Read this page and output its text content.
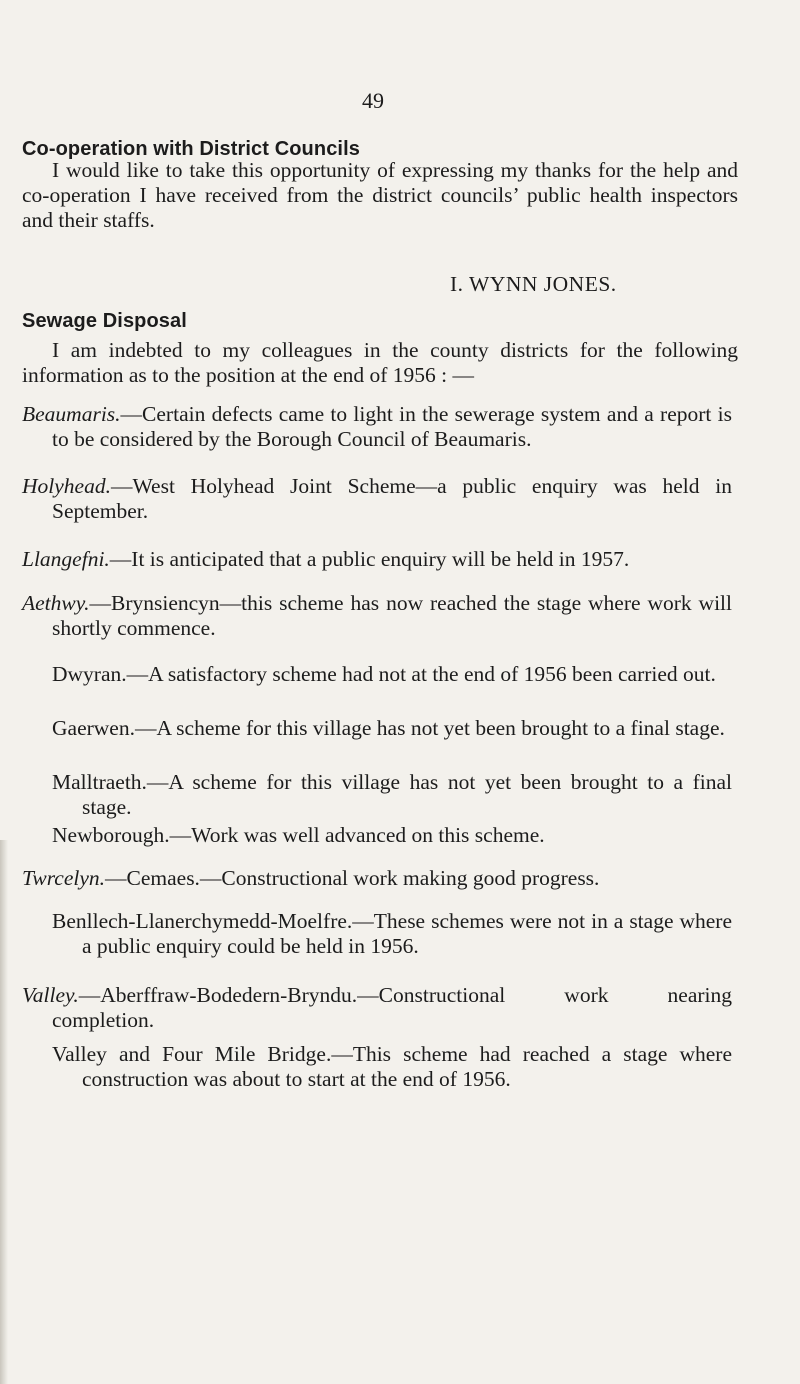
49
Co-operation with District Councils
I would like to take this opportunity of expressing my thanks for the help and co-operation I have received from the district councils’ public health inspectors and their staffs.
I. WYNN JONES.
Sewage Disposal
I am indebted to my colleagues in the county districts for the following information as to the position at the end of 1956 : —
Beaumaris.—Certain defects came to light in the sewerage system and a report is to be considered by the Borough Council of Beaumaris.
Holyhead.—West Holyhead Joint Scheme—a public enquiry was held in September.
Llangefni.—It is anticipated that a public enquiry will be held in 1957.
Aethwy.—Brynsiencyn—this scheme has now reached the stage where work will shortly commence.
Dwyran.—A satisfactory scheme had not at the end of 1956 been carried out.
Gaerwen.—A scheme for this village has not yet been brought to a final stage.
Malltraeth.—A scheme for this village has not yet been brought to a final stage.
Newborough.—Work was well advanced on this scheme.
Twrcelyn.—Cemaes.—Constructional work making good progress.
Benllech-Llanerchymedd-Moelfre.—These schemes were not in a stage where a public enquiry could be held in 1956.
Valley.—Aberffraw-Bodedern-Bryndu.—Constructional work nearing completion.
Valley and Four Mile Bridge.—This scheme had reached a stage where construction was about to start at the end of 1956.
